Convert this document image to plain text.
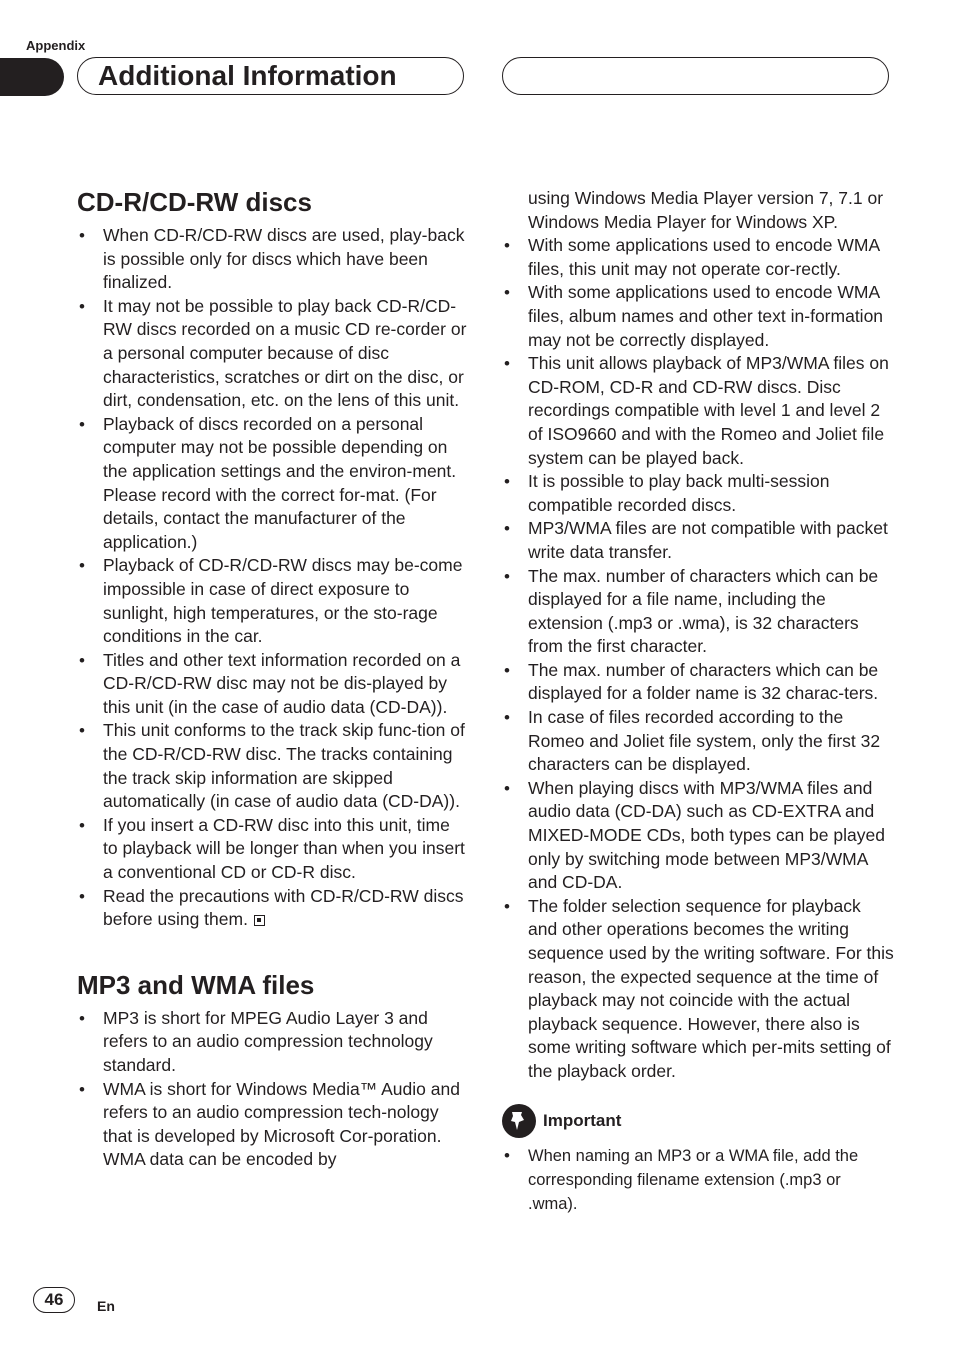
Appendix
Additional Information
CD-R/CD-RW discs
• When CD-R/CD-RW discs are used, play-back is possible only for discs which have been finalized.
• It may not be possible to play back CD-R/CD-RW discs recorded on a music CD re-corder or a personal computer because of disc characteristics, scratches or dirt on the disc, or dirt, condensation, etc. on the lens of this unit.
• Playback of discs recorded on a personal computer may not be possible depending on the application settings and the environ-ment. Please record with the correct for-mat. (For details, contact the manufacturer of the application.)
• Playback of CD-R/CD-RW discs may be-come impossible in case of direct exposure to sunlight, high temperatures, or the sto-rage conditions in the car.
• Titles and other text information recorded on a CD-R/CD-RW disc may not be dis-played by this unit (in the case of audio data (CD-DA)).
• This unit conforms to the track skip func-tion of the CD-R/CD-RW disc. The tracks containing the track skip information are skipped automatically (in case of audio data (CD-DA)).
• If you insert a CD-RW disc into this unit, time to playback will be longer than when you insert a conventional CD or CD-R disc.
• Read the precautions with CD-R/CD-RW discs before using them.
MP3 and WMA files
• MP3 is short for MPEG Audio Layer 3 and refers to an audio compression technology standard.
• WMA is short for Windows Media™ Audio and refers to an audio compression tech-nology that is developed by Microsoft Cor-poration. WMA data can be encoded by
using Windows Media Player version 7, 7.1 or Windows Media Player for Windows XP.
• With some applications used to encode WMA files, this unit may not operate cor-rectly.
• With some applications used to encode WMA files, album names and other text in-formation may not be correctly displayed.
• This unit allows playback of MP3/WMA files on CD-ROM, CD-R and CD-RW discs. Disc recordings compatible with level 1 and level 2 of ISO9660 and with the Romeo and Joliet file system can be played back.
• It is possible to play back multi-session compatible recorded discs.
• MP3/WMA files are not compatible with packet write data transfer.
• The max. number of characters which can be displayed for a file name, including the extension (.mp3 or .wma), is 32 characters from the first character.
• The max. number of characters which can be displayed for a folder name is 32 charac-ters.
• In case of files recorded according to the Romeo and Joliet file system, only the first 32 characters can be displayed.
• When playing discs with MP3/WMA files and audio data (CD-DA) such as CD-EXTRA and MIXED-MODE CDs, both types can be played only by switching mode between MP3/WMA and CD-DA.
• The folder selection sequence for playback and other operations becomes the writing sequence used by the writing software. For this reason, the expected sequence at the time of playback may not coincide with the actual playback sequence. However, there also is some writing software which per-mits setting of the playback order.
Important
• When naming an MP3 or a WMA file, add the corresponding filename extension (.mp3 or .wma).
46	En
